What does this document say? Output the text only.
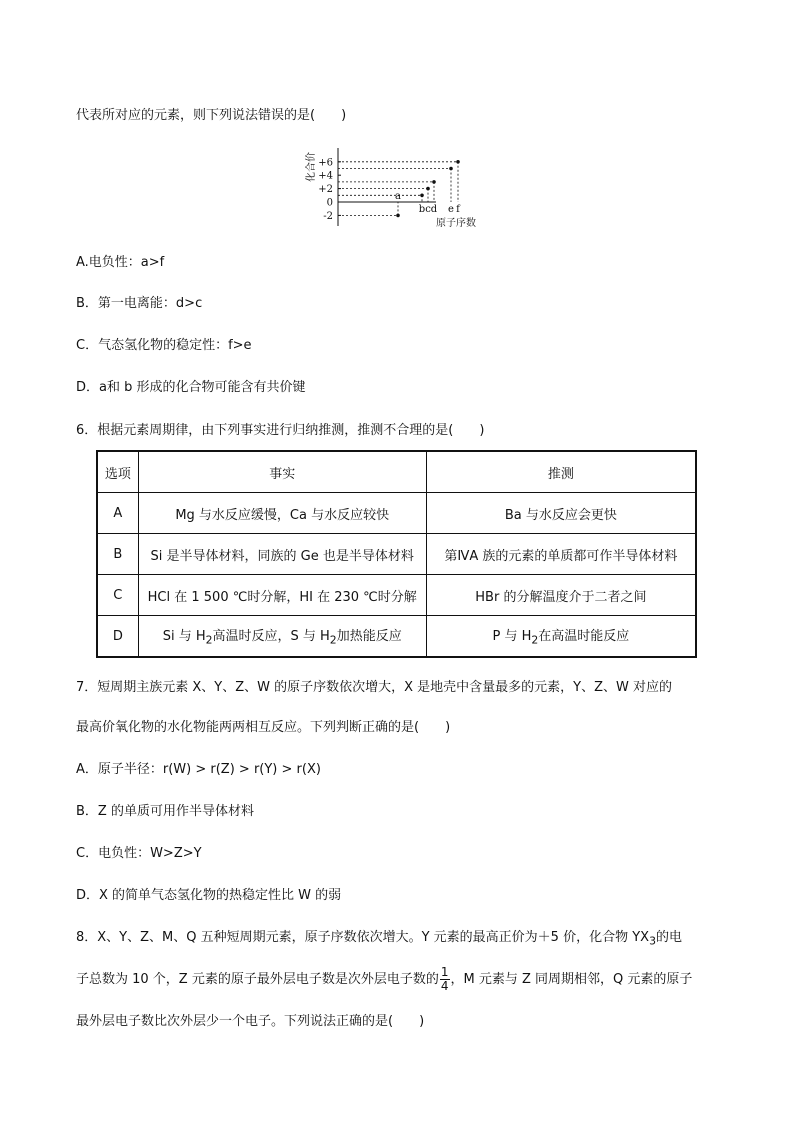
代表所对应的元素，则下列说法错误的是(　　)
化合价
原子序数
+6
+4
+2
0
-2
a
b c d e f
A.电负性：a>f
B．第一电离能：d>c
C．气态氢化物的稳定性：f>e
D．a和 b 形成的化合物可能含有共价键
6．根据元素周期律，由下列事实进行归纳推测，推测不合理的是(　　)
选项	事实	推测
A	Mg 与水反应缓慢，Ca 与水反应较快	Ba 与水反应会更快
B	Si 是半导体材料，同族的 Ge 也是半导体材料	第ⅣA 族的元素的单质都可作半导体材料
C	HCl 在 1 500 ℃时分解，HI 在 230 ℃时分解	HBr 的分解温度介于二者之间
D	Si 与 $H_2$高温时反应，S 与 $H_2$加热能反应	P 与 $H_2$在高温时能反应
7．短周期主族元素 X、Y、Z、W 的原子序数依次增大，X 是地壳中含量最多的元素，Y、Z、W 对应的
最高价氧化物的水化物能两两相互反应。下列判断正确的是(　　)
A．原子半径：r(W) > r(Z) > r(Y) > r(X)
B．Z 的单质可用作半导体材料
C．电负性：W>Z>Y
D．X 的简单气态氢化物的热稳定性比 W 的弱
8．X、Y、Z、M、Q 五种短周期元素，原子序数依次增大。Y 元素的最高正价为＋5 价，化合物 $YX_3$的电
子总数为 10 个，Z 元素的原子最外层电子数是次外层电子数的 $\frac{1}{4}$ ，M 元素与 Z 同周期相邻，Q 元素的原子
最外层电子数比次外层少一个电子。下列说法正确的是(　　)
